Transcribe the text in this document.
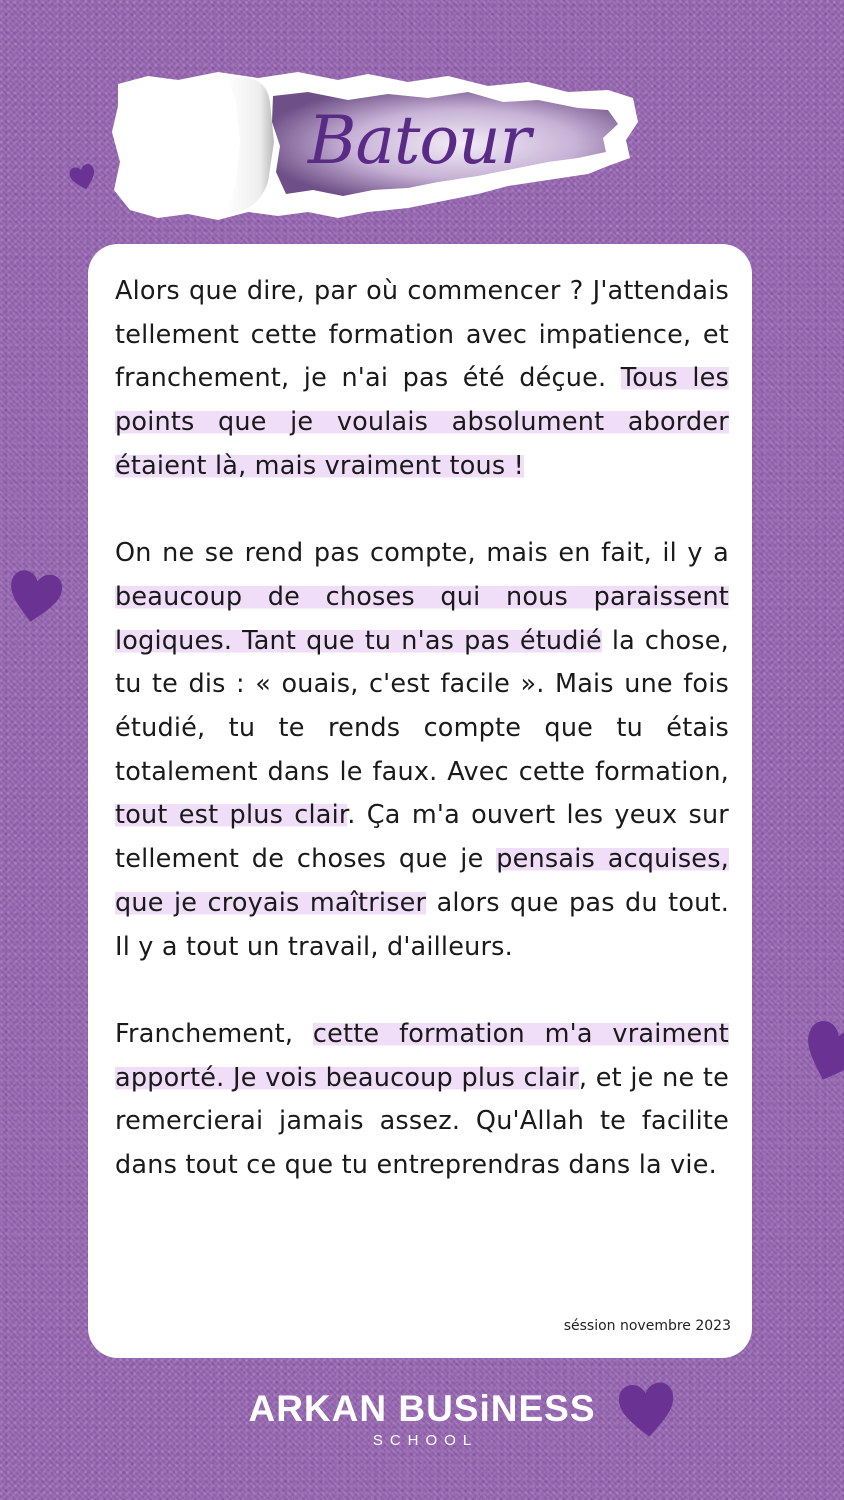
Batour

Alors que dire, par où commencer ? J'attendais tellement cette formation avec impatience, et franchement, je n'ai pas été déçue. Tous les points que je voulais absolument aborder étaient là, mais vraiment tous !

On ne se rend pas compte, mais en fait, il y a beaucoup de choses qui nous paraissent logiques. Tant que tu n'as pas étudié la chose, tu te dis : « ouais, c'est facile ». Mais une fois étudié, tu te rends compte que tu étais totalement dans le faux. Avec cette formation, tout est plus clair. Ça m'a ouvert les yeux sur tellement de choses que je pensais acquises, que je croyais maîtriser alors que pas du tout. Il y a tout un travail, d'ailleurs.

Franchement, cette formation m'a vraiment apporté. Je vois beaucoup plus clair, et je ne te remercierai jamais assez. Qu'Allah te facilite dans tout ce que tu entreprendras dans la vie.

séssion novembre 2023
ARKAN BUSiNESS
SCHOOL
